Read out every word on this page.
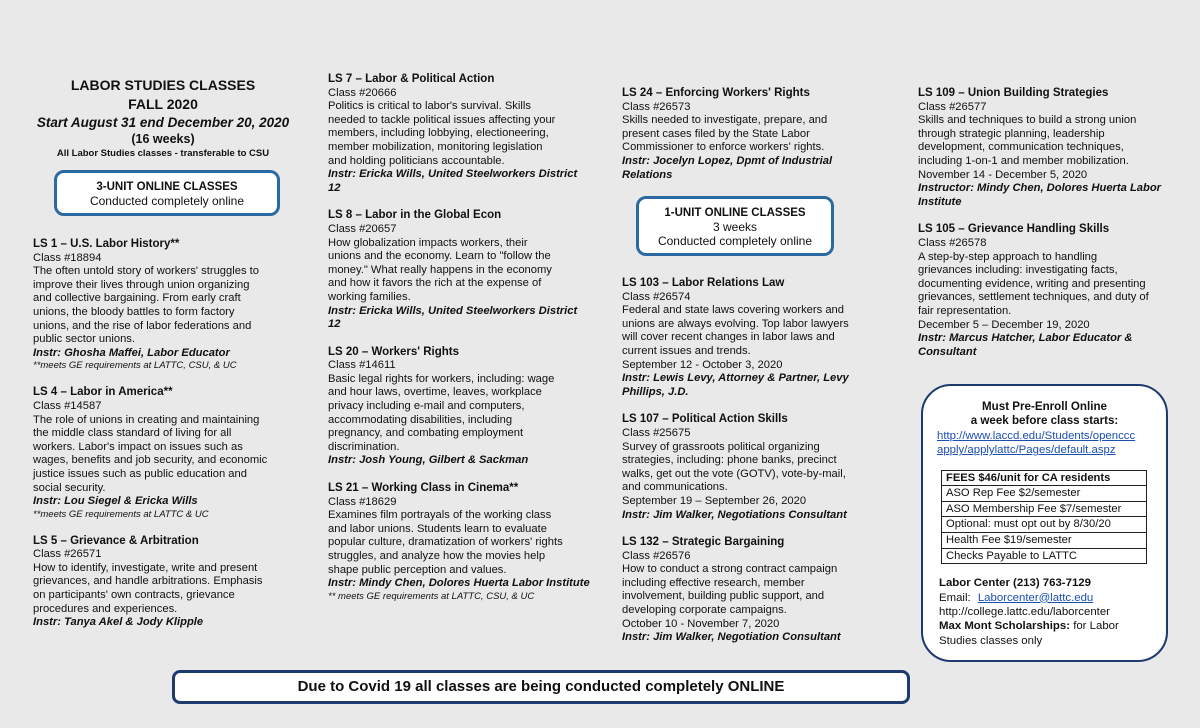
LABOR STUDIES CLASSES
FALL 2020
Start August 31 end December 20, 2020
(16 weeks)
All Labor Studies classes - transferable to CSU
3-UNIT ONLINE CLASSES
Conducted completely online
1-UNIT ONLINE CLASSES
3 weeks
Conducted completely online
LS 1 – U.S. Labor History**

Class #18894

The often untold story of workers' struggles to

improve their lives through union organizing

and collective bargaining. From early craft

unions, the bloody battles to form factory

unions, and the rise of labor federations and

public sector unions.

Instr: Ghosha Maffei, Labor Educator

**meets GE requirements at LATTC, CSU, & UC

LS 4 – Labor in America**

Class #14587

The role of unions in creating and maintaining

the middle class standard of living for all

workers. Labor's impact on issues such as

wages, benefits and job security, and economic

justice issues such as public education and

social security.

Instr: Lou Siegel & Ericka Wills

**meets GE requirements at LATTC & UC

LS 5 – Grievance & Arbitration

Class #26571

How to identify, investigate, write and present

grievances, and handle arbitrations. Emphasis

on participants' own contracts, grievance

procedures and experiences.

Instr: Tanya Akel & Jody Klipple

LS 7 – Labor & Political Action

Class #20666

Politics is critical to labor's survival. Skills

needed to tackle political issues affecting your

members, including lobbying, electioneering,

member mobilization, monitoring legislation

and holding politicians accountable.

Instr: Ericka Wills, United Steelworkers District 12

LS 8 – Labor in the Global Econ

Class #20657

How globalization impacts workers, their

unions and the economy. Learn to "follow the

money." What really happens in the economy

and how it favors the rich at the expense of

working families.

Instr: Ericka Wills, United Steelworkers District 12

LS 20 – Workers' Rights

Class #14611

Basic legal rights for workers, including: wage

and hour laws, overtime, leaves, workplace

privacy including e-mail and computers,

accommodating disabilities, including

pregnancy, and combating employment

discrimination.

Instr: Josh Young, Gilbert & Sackman

LS 21 – Working Class in Cinema**

Class #18629

Examines film portrayals of the working class

and labor unions. Students learn to evaluate

popular culture, dramatization of workers' rights

struggles, and analyze how the movies help

shape public perception and values.

Instr: Mindy Chen, Dolores Huerta Labor Institute

** meets GE requirements at LATTC, CSU, & UC

LS 24 – Enforcing Workers' Rights

Class #26573

Skills needed to investigate, prepare, and

present cases filed by the State Labor

Commissioner to enforce workers' rights.

Instr: Jocelyn Lopez, Dpmt of Industrial Relations

LS 103 – Labor Relations Law

Class #26574

Federal and state laws covering workers and

unions are always evolving. Top labor lawyers

will cover recent changes in labor laws and

current issues and trends.

September 12 - October 3, 2020

Instr: Lewis Levy, Attorney & Partner, Levy Phillips, J.D.

LS 107 – Political Action Skills

Class #25675

Survey of grassroots political organizing

strategies, including: phone banks, precinct

walks, get out the vote (GOTV), vote-by-mail,

and communications.

September 19 – September 26, 2020

Instr: Jim Walker, Negotiations Consultant

LS 132 – Strategic Bargaining

Class #26576

How to conduct a strong contract campaign

including effective research, member

involvement, building public support, and

developing corporate campaigns.

October 10 - November 7, 2020

Instr: Jim Walker, Negotiation Consultant

LS 109 – Union Building Strategies

Class #26577

Skills and techniques to build a strong union

through strategic planning, leadership

development, communication techniques,

including 1-on-1 and member mobilization.

November 14 - December 5, 2020

Instructor: Mindy Chen, Dolores Huerta Labor Institute

LS 105 – Grievance Handling Skills

Class #26578

A step-by-step approach to handling

grievances including: investigating facts,

documenting evidence, writing and presenting

grievances, settlement techniques, and duty of

fair representation.

December 5 – December 19, 2020

Instr: Marcus Hatcher, Labor Educator & Consultant

Must Pre-Enroll Online
a week before class starts:
http://www.laccd.edu/Students/openccc
apply/applylattc/Pages/default.aspz
FEES $46/unit for CA residents
ASO Rep Fee $2/semester
ASO Membership Fee $7/semester
Optional: must opt out by 8/30/20
Health Fee $19/semester
Checks Payable to LATTC
Labor Center (213) 763-7129
Email: Laborcenter@lattc.edu
http://college.lattc.edu/laborcenter
Max Mont Scholarships: for Labor
Studies classes only
Due to Covid 19 all classes are being conducted completely ONLINE
